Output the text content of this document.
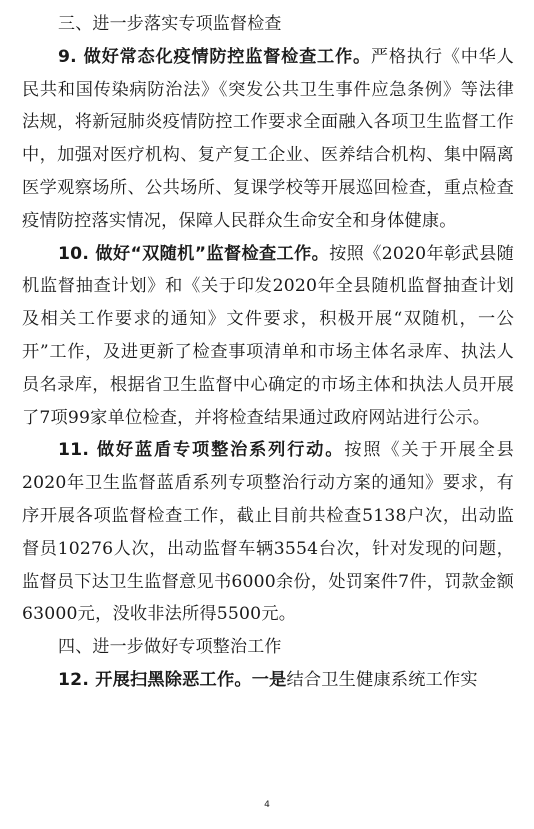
三、进一步落实专项监督检查
9. 做好常态化疫情防控监督检查工作。严格执行《中华人民共和国传染病防治法》《突发公共卫生事件应急条例》等法律法规，将新冠肺炎疫情防控工作要求全面融入各项卫生监督工作中，加强对医疗机构、复产复工企业、医养结合机构、集中隔离医学观察场所、公共场所、复课学校等开展巡回检查，重点检查疫情防控落实情况，保障人民群众生命安全和身体健康。
10. 做好“双随机”监督检查工作。按照《2020年彰武县随机监督抽查计划》和《关于印发2020年全县随机监督抽查计划及相关工作要求的通知》文件要求，积极开展“双随机，一公开”工作，及进更新了检查事项清单和市场主体名录库、执法人员名录库，根据省卫生监督中心确定的市场主体和执法人员开展了7项99家单位检查，并将检查结果通过政府网站进行公示。
11. 做好蓝盾专项整治系列行动。按照《关于开展全县2020年卫生监督蓝盾系列专项整治行动方案的通知》要求，有序开展各项监督检查工作，截止目前共检查5138户次，出动监督员10276人次，出动监督车辆3554台次，针对发现的问题，监督员下达卫生监督意见书6000余份，处罚案件7件，罚款金额63000元，没收非法所得5500元。
四、进一步做好专项整治工作
12. 开展扫黑除恶工作。一是结合卫生健康系统工作实
4
